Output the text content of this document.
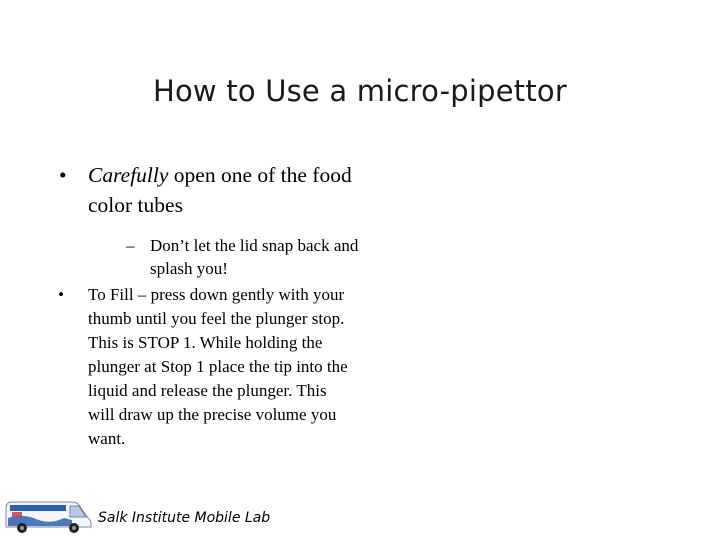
How to Use a micro-pipettor
• Carefully open one of the food color tubes
– Don’t let the lid snap back and splash you!
• To Fill – press down gently with your thumb until you feel the plunger stop. This is STOP 1. While holding the plunger at Stop 1 place the tip into the liquid and release the plunger. This will draw up the precise volume you want.
Salk Institute Mobile Lab
